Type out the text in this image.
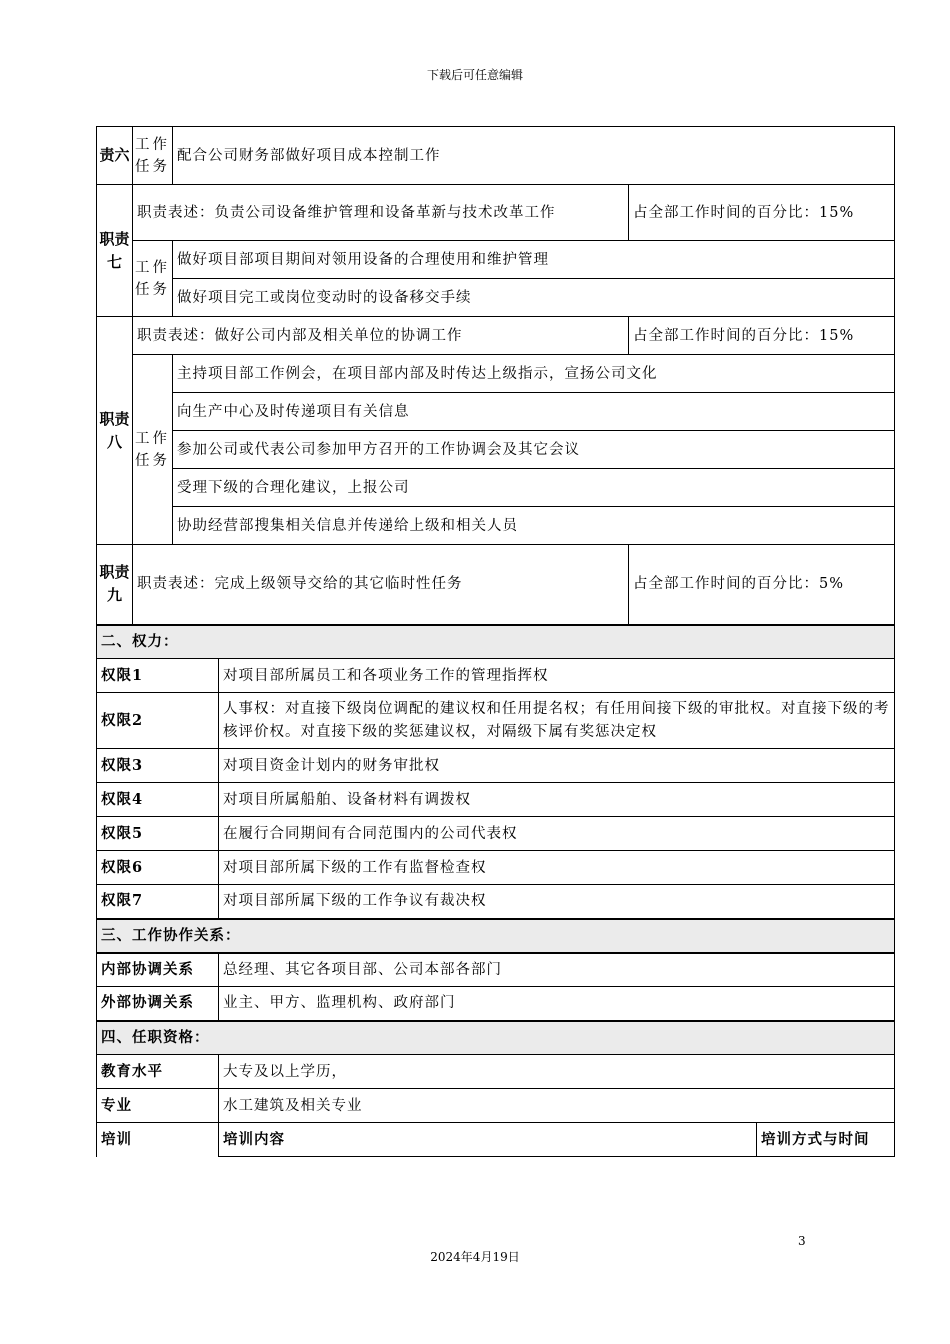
下载后可任意编辑
责六	工作任务	配合公司财务部做好项目成本控制工作			
职责七	职责表述：负责公司设备维护管理和设备革新与技术改革工作			占全部工作时间的百分比：15%	
	工作任务	做好项目部项目期间对领用设备的合理使用和维护管理			
		做好项目完工或岗位变动时的设备移交手续			
职责八	职责表述：做好公司内部及相关单位的协调工作			占全部工作时间的百分比：15%	
	工作任务	主持项目部工作例会，在项目部内部及时传达上级指示，宣扬公司文化			
		向生产中心及时传递项目有关信息			
		参加公司或代表公司参加甲方召开的工作协调会及其它会议			
		受理下级的合理化建议，上报公司			
		协助经营部搜集相关信息并传递给上级和相关人员			
职责九	职责表述：完成上级领导交给的其它临时性任务			占全部工作时间的百分比：5%	
二、权力：					
权限1			对项目部所属员工和各项业务工作的管理指挥权		
权限2			人事权：对直接下级岗位调配的建议权和任用提名权；有任用间接下级的审批权。对直接下级的考核评价权。对直接下级的奖惩建议权，对隔级下属有奖惩决定权		
权限3			对项目资金计划内的财务审批权		
权限4			对项目所属船舶、设备材料有调拨权		
权限5			在履行合同期间有合同范围内的公司代表权		
权限6			对项目部所属下级的工作有监督检查权		
权限7			对项目部所属下级的工作争议有裁决权		
三、工作协作关系：					
内部协调关系			总经理、其它各项目部、公司本部各部门		
外部协调关系			业主、甲方、监理机构、政府部门		
四、任职资格：					
教育水平			大专及以上学历，		
专业			水工建筑及相关专业		
培训			培训内容		培训方式与时间
3
2024年4月19日
